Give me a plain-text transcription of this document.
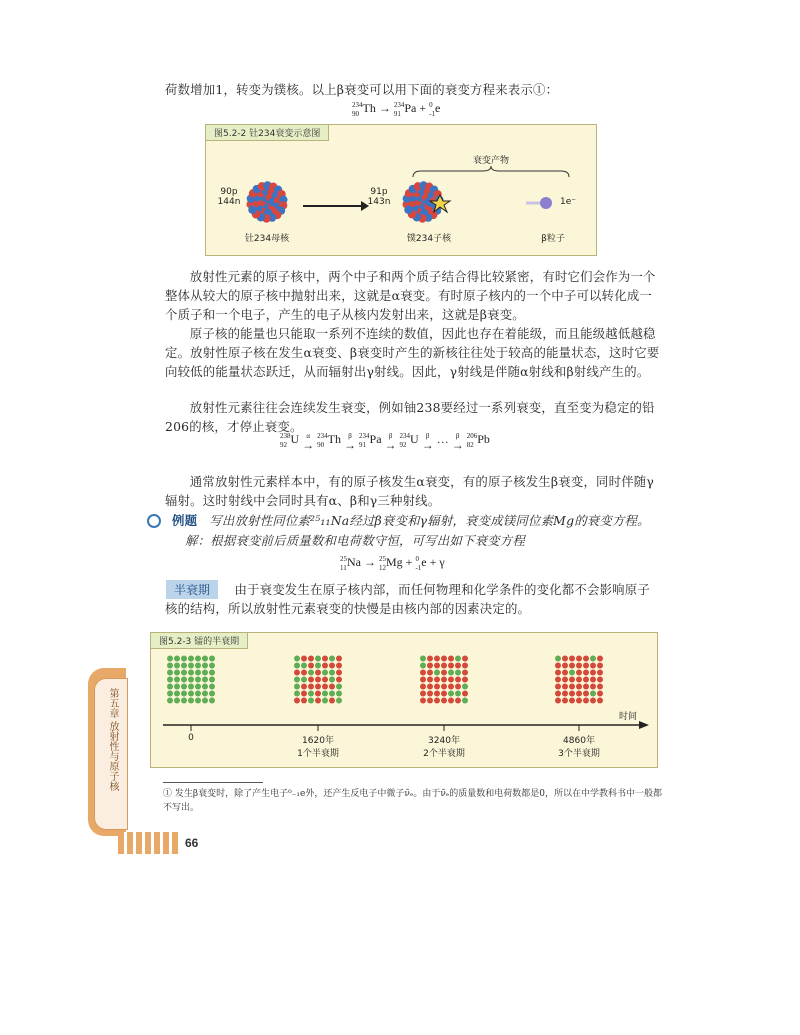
荷数增加1，转变为镤核。以上β衰变可以用下面的衰变方程来表示①：
234
90 Th → 234
91 Pa + 0
-1e
图5.2-2 钍234衰变示意图
90p
144n
钍234母核
91p
143n
镤234子核
衰变产物
1e⁻
β粒子
放射性元素的原子核中，两个中子和两个质子结合得比较紧密，有时它们会作为一个整体从较大的原子核中抛射出来，这就是α衰变。有时原子核内的一个中子可以转化成一个质子和一个电子，产生的电子从核内发射出来，这就是β衰变。
原子核的能量也只能取一系列不连续的数值，因此也存在着能级，而且能级越低越稳定。放射性原子核在发生α衰变、β衰变时产生的新核往往处于较高的能量状态，这时它要向较低的能量状态跃迁，从而辐射出γ射线。因此，γ射线是伴随α射线和β射线产生的。
放射性元素往往会连续发生衰变，例如铀238要经过一系列衰变，直至变为稳定的铅206的核，才停止衰变。
238
92 U α
→ 234
90 Th β
→ 234
91 Pa β
→ 234
92 U β
→ … β
→ 206
82 Pb
通常放射性元素样本中，有的原子核发生α衰变，有的原子核发生β衰变，同时伴随γ辐射。这时射线中会同时具有α、β和γ三种射线。
例题 写出放射性同位素²⁵₁₁Na经过β衰变和γ辐射，衰变成镁同位素Mg的衰变方程。
解：根据衰变前后质量数和电荷数守恒，可写出如下衰变方程
25
11Na → 25
12Mg + 0
-1e + γ
半衰期	由于衰变发生在原子核内部，而任何物理和化学条件的变化都不会影响原子核的结构，所以放射性元素衰变的快慢是由核内部的因素决定的。
图5.2-3 镭的半衰期
时间
0	1620年
1个半衰期
3240年
2个半衰期
4860年
3个半衰期
第五章 放射性与原子核
① 发生β衰变时，除了产生电子⁰₋₁e外，还产生反电子中微子ν̄ₑ。由于ν̄ₑ的质量数和电荷数都是0，所以在中学教科书中一般都不写出。
66
